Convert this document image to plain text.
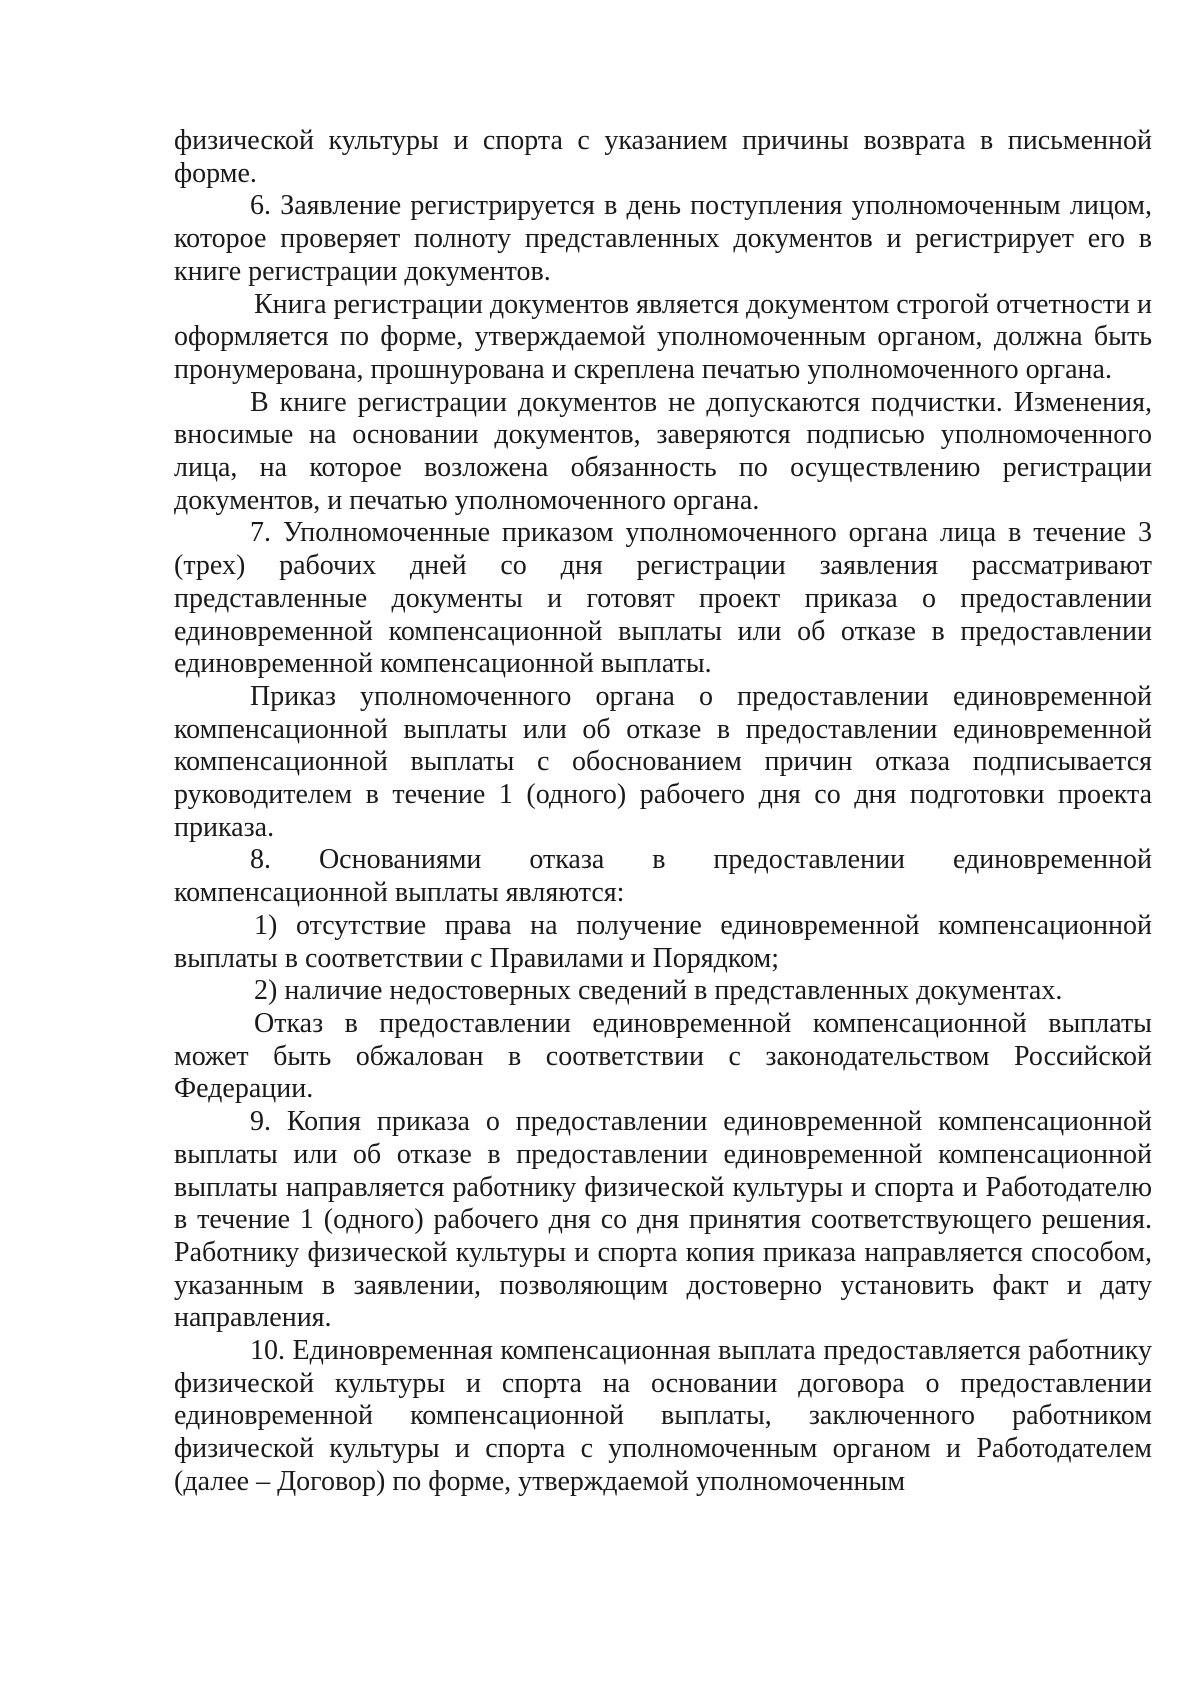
физической культуры и спорта с указанием причины возврата в письменной форме.

6. Заявление регистрируется в день поступления уполномоченным лицом, которое проверяет полноту представленных документов и регистрирует его в книге регистрации документов.

Книга регистрации документов является документом строгой отчетности и оформляется по форме, утверждаемой уполномоченным органом, должна быть пронумерована, прошнурована и скреплена печатью уполномоченного органа.

В книге регистрации документов не допускаются подчистки. Изменения, вносимые на основании документов, заверяются подписью уполномоченного лица, на которое возложена обязанность по осуществлению регистрации документов, и печатью уполномоченного органа.

7. Уполномоченные приказом уполномоченного органа лица в течение 3 (трех) рабочих дней со дня регистрации заявления рассматривают представленные документы и готовят проект приказа о предоставлении единовременной компенсационной выплаты или об отказе в предоставлении единовременной компенсационной выплаты.

Приказ уполномоченного органа о предоставлении единовременной компенсационной выплаты или об отказе в предоставлении единовременной компенсационной выплаты с обоснованием причин отказа подписывается руководителем в течение 1 (одного) рабочего дня со дня подготовки проекта приказа.

8. Основаниями отказа в предоставлении единовременной компенсационной выплаты являются:

1) отсутствие права на получение единовременной компенсационной выплаты в соответствии с Правилами и Порядком;

2) наличие недостоверных сведений в представленных документах.

Отказ в предоставлении единовременной компенсационной выплаты может быть обжалован в соответствии с законодательством Российской Федерации.

9. Копия приказа о предоставлении единовременной компенсационной выплаты или об отказе в предоставлении единовременной компенсационной выплаты направляется работнику физической культуры и спорта и Работодателю в течение 1 (одного) рабочего дня со дня принятия соответствующего решения. Работнику физической культуры и спорта копия приказа направляется способом, указанным в заявлении, позволяющим достоверно установить факт и дату направления.

10. Единовременная компенсационная выплата предоставляется работнику физической культуры и спорта на основании договора о предоставлении единовременной компенсационной выплаты, заключенного работником физической культуры и спорта с уполномоченным органом и Работодателем (далее – Договор) по форме, утверждаемой уполномоченным
